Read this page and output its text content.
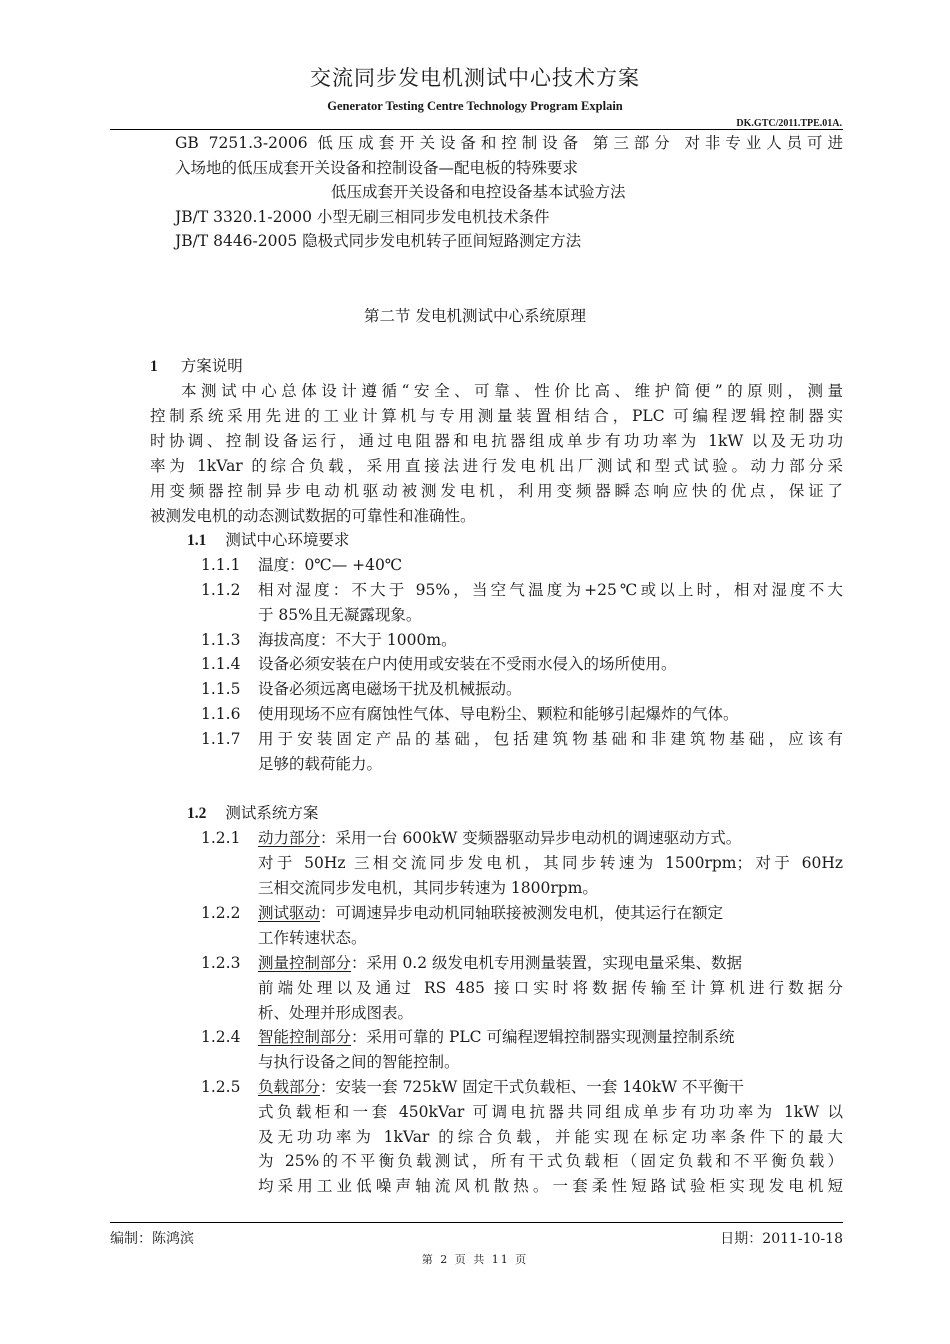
交流同步发电机测试中心技术方案
Generator Testing Centre Technology Program Explain
DK.GTC/2011.TPE.01A.
GB 7251.3-2006 低压成套开关设备和控制设备 第三部分 对非专业人员可进
入场地的低压成套开关设备和控制设备—配电板的特殊要求
低压成套开关设备和电控设备基本试验方法
JB/T 3320.1-2000 小型无刷三相同步发电机技术条件
JB/T 8446-2005 隐极式同步发电机转子匝间短路测定方法
第二节 发电机测试中心系统原理
1 方案说明
本测试中心总体设计遵循“安全、可靠、性价比高、维护简便”的原则，测量
控制系统采用先进的工业计算机与专用测量装置相结合，PLC 可编程逻辑控制器实
时协调、控制设备运行，通过电阻器和电抗器组成单步有功功率为 1kW 以及无功功
率为 1kVar 的综合负载，采用直接法进行发电机出厂测试和型式试验。动力部分采
用变频器控制异步电动机驱动被测发电机，利用变频器瞬态响应快的优点，保证了
被测发电机的动态测试数据的可靠性和准确性。
1.1 测试中心环境要求
1.1.1 温度：0℃— +40℃
1.1.2 相对湿度：不大于 95%，当空气温度为+25℃或以上时，相对湿度不大
于 85%且无凝露现象。
1.1.3 海拔高度：不大于 1000m。
1.1.4 设备必须安装在户内使用或安装在不受雨水侵入的场所使用。
1.1.5 设备必须远离电磁场干扰及机械振动。
1.1.6 使用现场不应有腐蚀性气体、导电粉尘、颗粒和能够引起爆炸的气体。
1.1.7 用于安装固定产品的基础，包括建筑物基础和非建筑物基础，应该有
足够的载荷能力。
1.2 测试系统方案
1.2.1 动力部分：采用一台 600kW 变频器驱动异步电动机的调速驱动方式。
对于 50Hz 三相交流同步发电机，其同步转速为 1500rpm；对于 60Hz
三相交流同步发电机，其同步转速为 1800rpm。
1.2.2 测试驱动：可调速异步电动机同轴联接被测发电机，使其运行在额定
工作转速状态。
1.2.3 测量控制部分：采用 0.2 级发电机专用测量装置，实现电量采集、数据
前端处理以及通过 RS 485 接口实时将数据传输至计算机进行数据分
析、处理并形成图表。
1.2.4 智能控制部分：采用可靠的 PLC 可编程逻辑控制器实现测量控制系统
与执行设备之间的智能控制。
1.2.5 负载部分：安装一套 725kW 固定干式负载柜、一套 140kW 不平衡干
式负载柜和一套 450kVar 可调电抗器共同组成单步有功功率为 1kW 以
及无功功率为 1kVar 的综合负载，并能实现在标定功率条件下的最大
为 25%的不平衡负载测试，所有干式负载柜（固定负载和不平衡负载）
均采用工业低噪声轴流风机散热。一套柔性短路试验柜实现发电机短
编制：陈鸿滨	日期：2011-10-18
第 2 页 共 11 页
